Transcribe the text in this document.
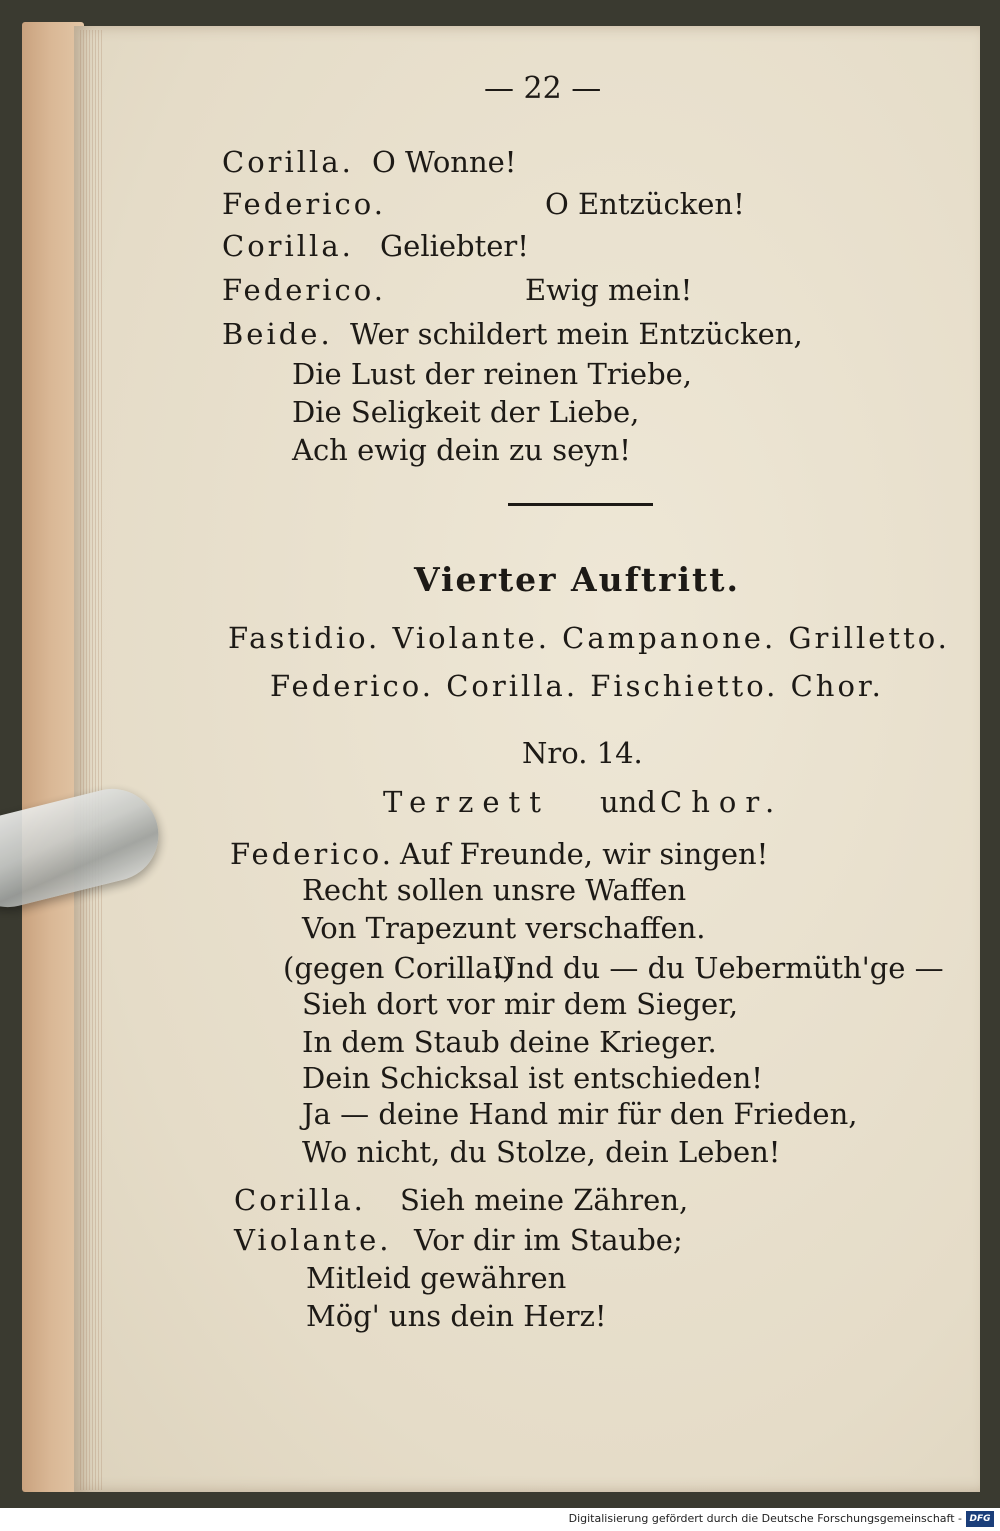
— 22 —
Corilla. O Wonne!
Federico.	O Entzücken!
Corilla. Geliebter!
Federico.	Ewig mein!
Beide. Wer schildert mein Entzücken,
Die Lust der reinen Triebe,
Die Seligkeit der Liebe,
Ach ewig dein zu seyn!
Vierter Auftritt.
Fastidio. Violante. Campanone. Grilletto.
Federico. Corilla. Fischietto. Chor.
Nro. 14.
Terzett und Chor.
Federico. Auf Freunde, wir singen!
Recht sollen unsre Waffen
Von Trapezunt verschaffen.
(gegen Corilla:)
Und du — du Uebermüth'ge —
Sieh dort vor mir dem Sieger,
In dem Staub deine Krieger.
Dein Schicksal ist entschieden!
Ja — deine Hand mir für den Frieden,
Wo nicht, du Stolze, dein Leben!
Corilla. Sieh meine Zähren,
Violante. Vor dir im Staube;
Mitleid gewähren
Mög' uns dein Herz!
Digitalisierung gefördert durch die Deutsche Forschungsgemeinschaft - DFG
